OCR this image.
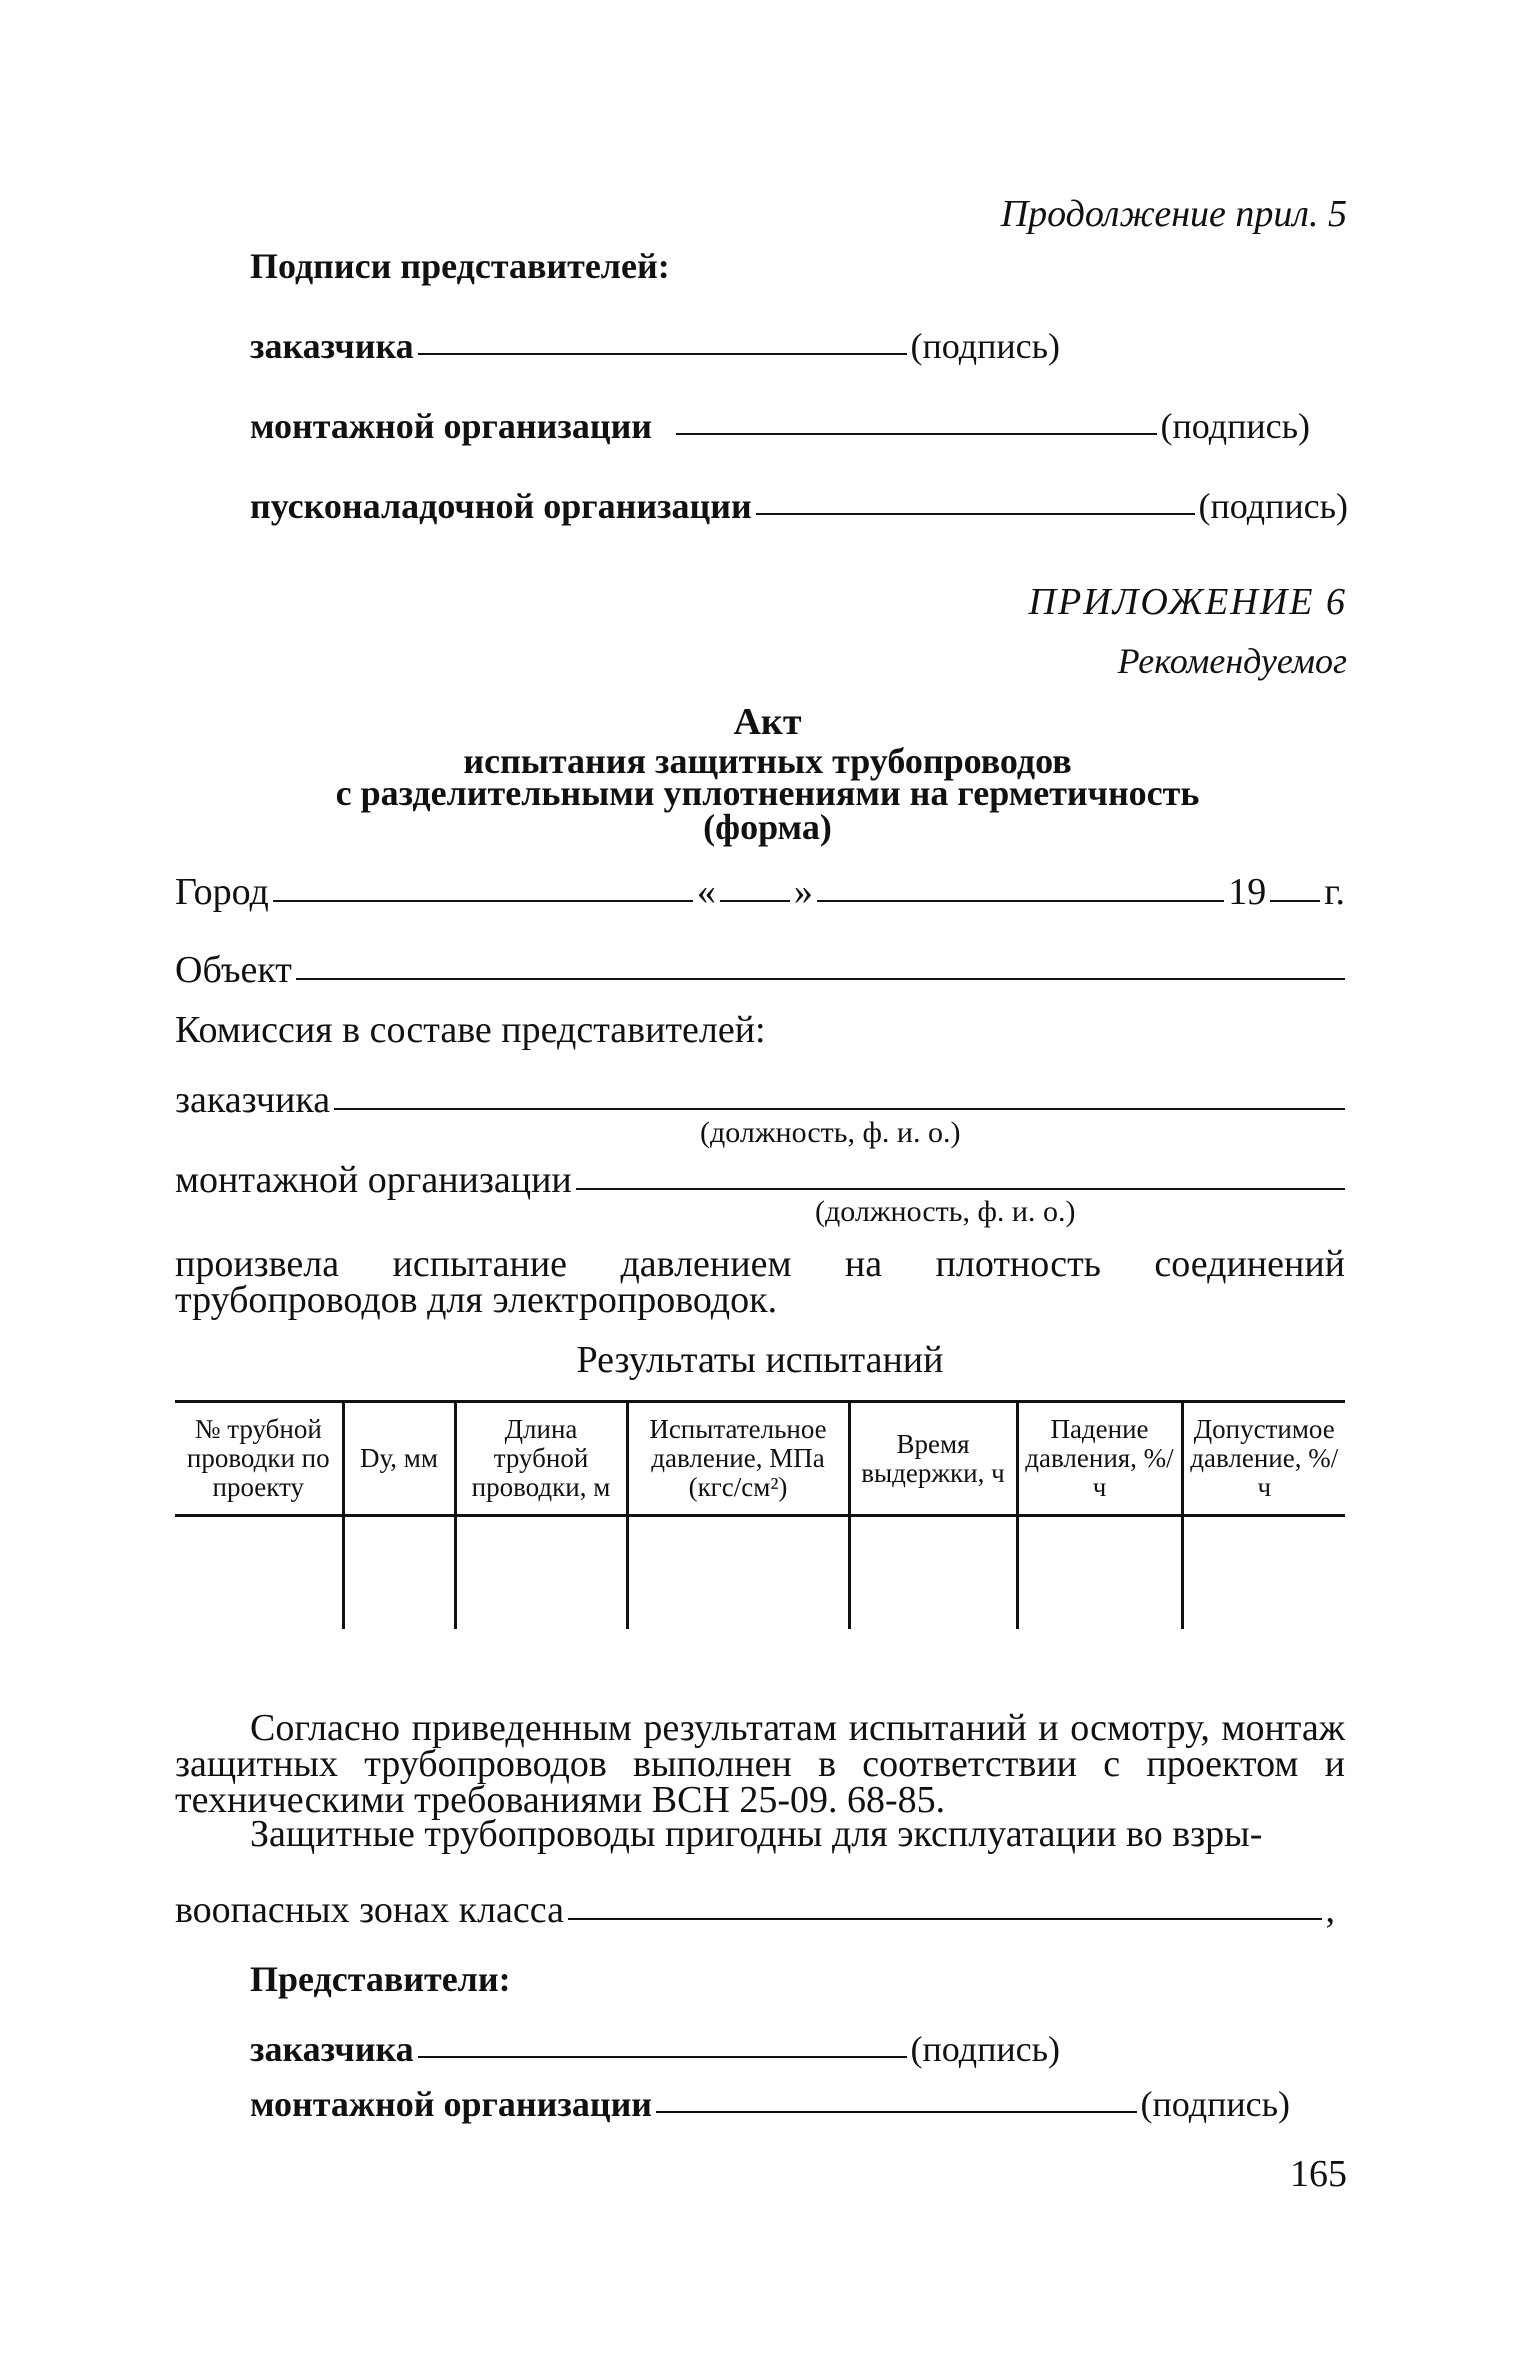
Продолжение прил. 5
Подписи представителей:
заказчика	(подпись)
монтажной организации	(подпись)
пусконаладочной организации	(подпись)
ПРИЛОЖЕНИЕ 6
Рекомендуемог
Акт
испытания защитных трубопроводов
с разделительными уплотнениями на герметичность
(форма)
Город	« »	19 г.
Объект
Комиссия в составе представителей:
заказчика
(должность, ф. и. о.)
монтажной организации
(должность, ф. и. о.)
произвела испытание давлением на плотность соединений трубопроводов для электропроводок.
Результаты испытаний
№ трубной проводки по проекту	Dу, мм	Длина трубной проводки, м	Испытательное давление, МПа (кгс/см²)	Время выдержки, ч	Падение давления, %/ч	Допустимое давление, %/ч

Согласно приведенным результатам испытаний и осмотру, монтаж защитных трубопроводов выполнен в соответствии с проектом и техническими требованиями ВСН 25-09. 68-85.
Защитные трубопроводы пригодны для эксплуатации во взры-
воопасных зонах класса	,
Представители:
заказчика	(подпись)
монтажной организации	(подпись)
165
